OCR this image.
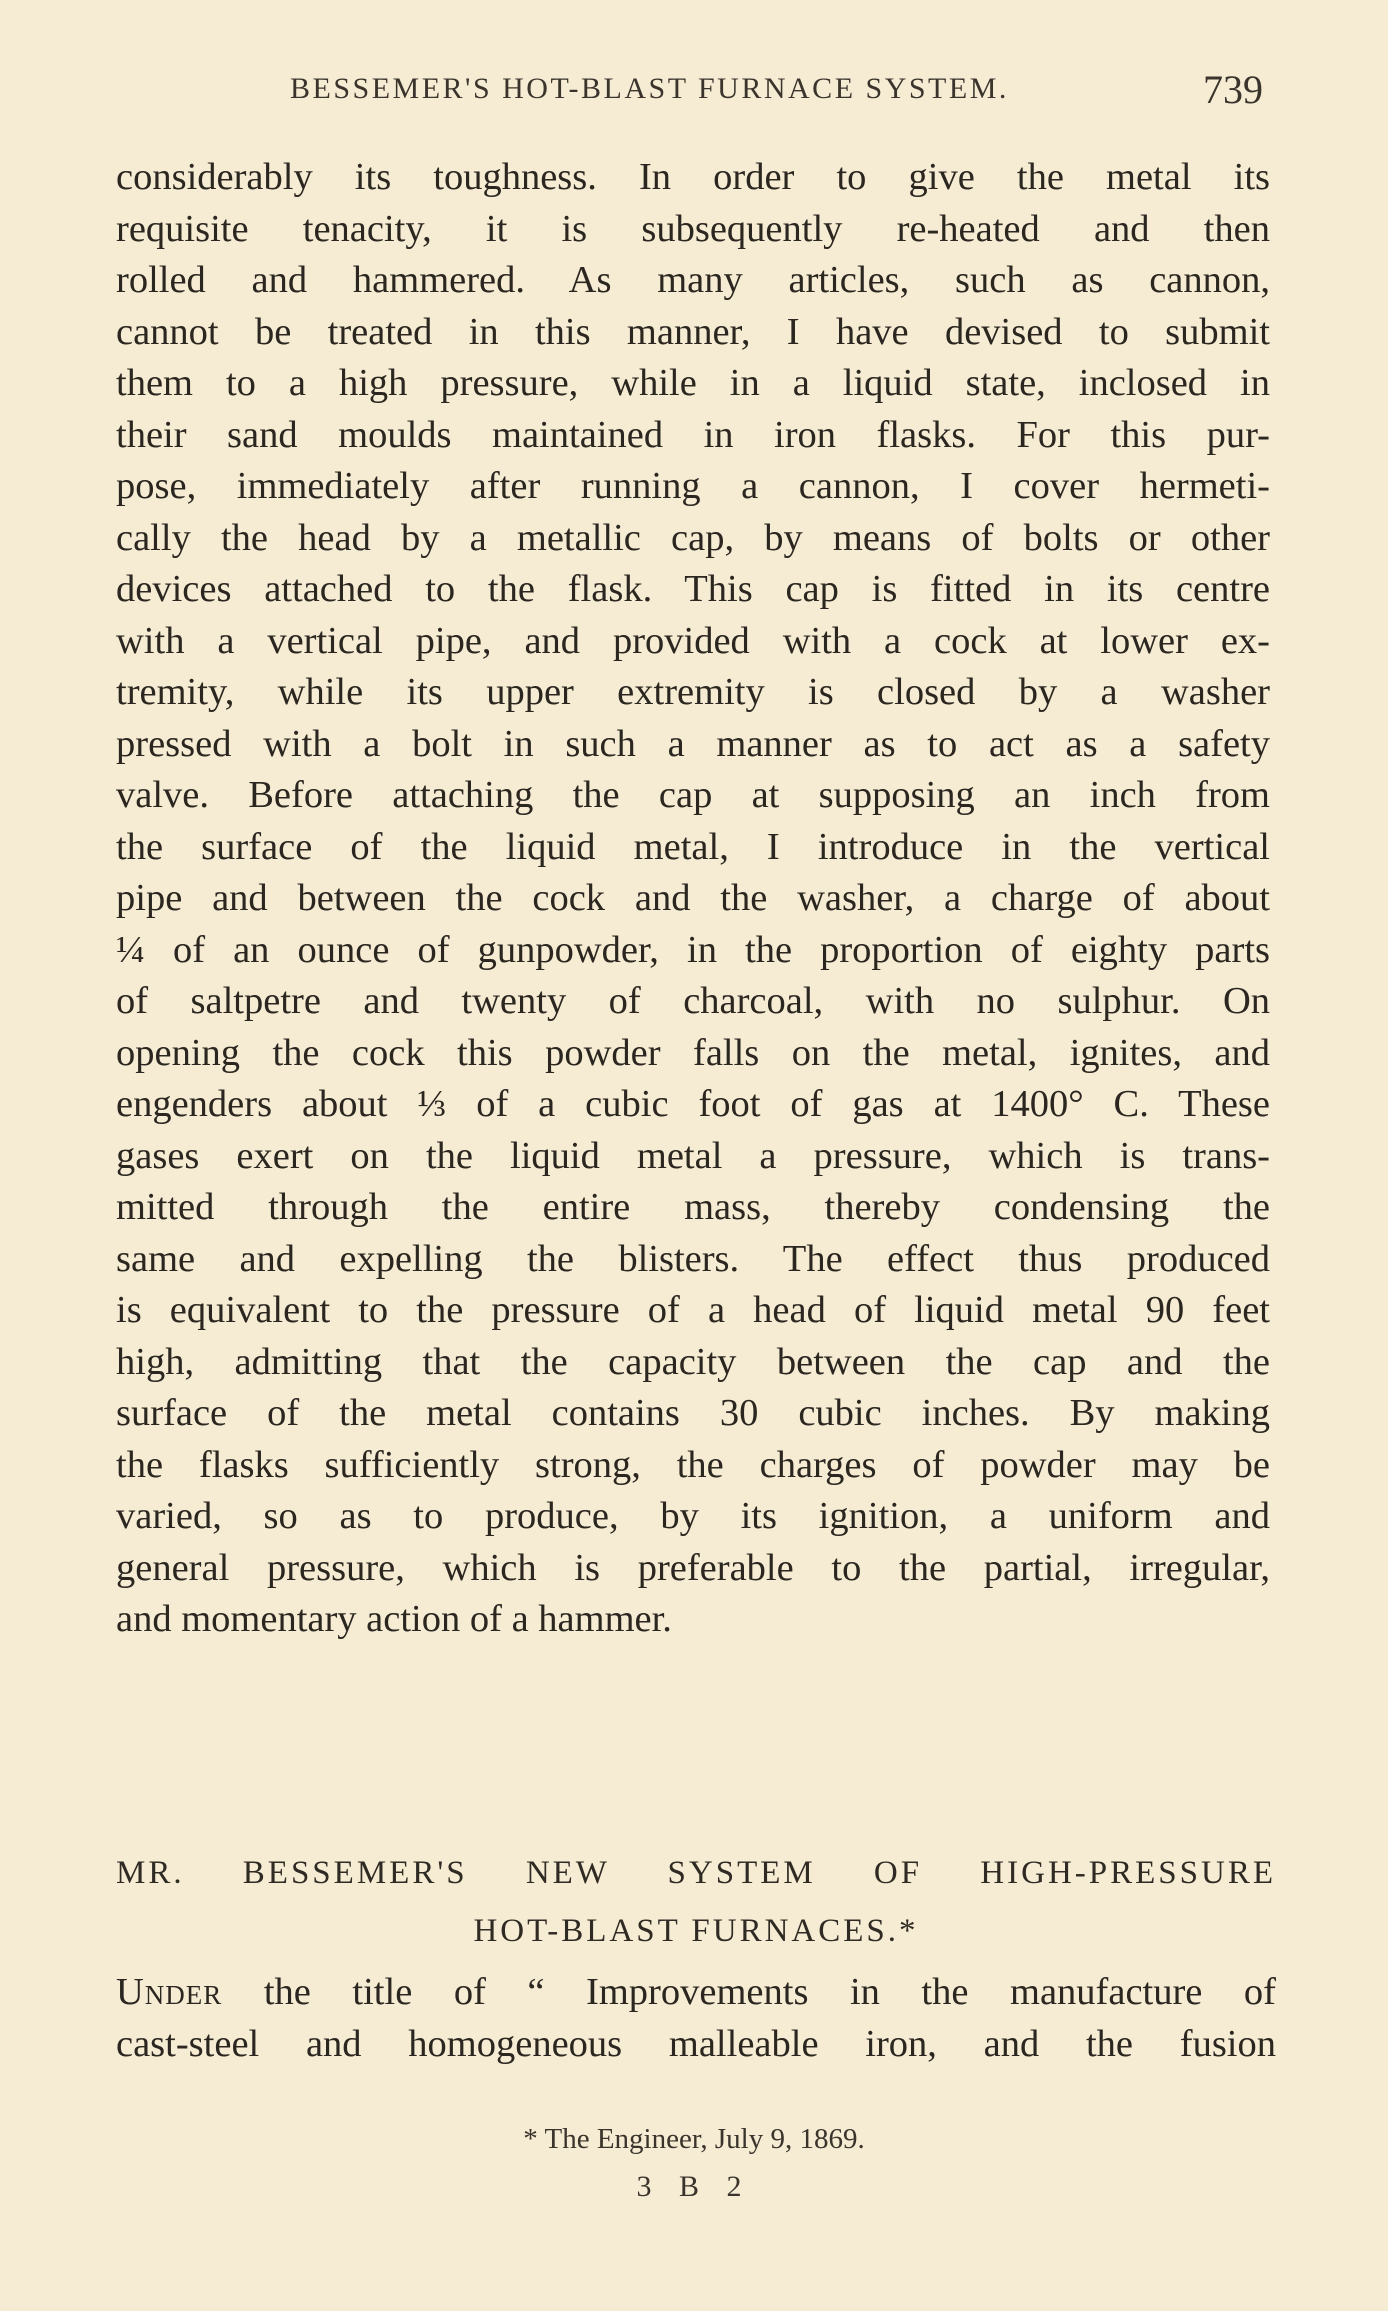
BESSEMER'S HOT-BLAST FURNACE SYSTEM.	739
considerably its toughness. In order to give the metal its
requisite tenacity, it is subsequently re-heated and then
rolled and hammered. As many articles, such as cannon,
cannot be treated in this manner, I have devised to submit
them to a high pressure, while in a liquid state, inclosed in
their sand moulds maintained in iron flasks. For this pur-
pose, immediately after running a cannon, I cover hermeti-
cally the head by a metallic cap, by means of bolts or other
devices attached to the flask. This cap is fitted in its centre
with a vertical pipe, and provided with a cock at lower ex-
tremity, while its upper extremity is closed by a washer
pressed with a bolt in such a manner as to act as a safety
valve. Before attaching the cap at supposing an inch from
the surface of the liquid metal, I introduce in the vertical
pipe and between the cock and the washer, a charge of about
¼ of an ounce of gunpowder, in the proportion of eighty parts
of saltpetre and twenty of charcoal, with no sulphur. On
opening the cock this powder falls on the metal, ignites, and
engenders about ⅓ of a cubic foot of gas at 1400° C. These
gases exert on the liquid metal a pressure, which is trans-
mitted through the entire mass, thereby condensing the
same and expelling the blisters. The effect thus produced
is equivalent to the pressure of a head of liquid metal 90 feet
high, admitting that the capacity between the cap and the
surface of the metal contains 30 cubic inches. By making
the flasks sufficiently strong, the charges of powder may be
varied, so as to produce, by its ignition, a uniform and
general pressure, which is preferable to the partial, irregular,
and momentary action of a hammer.
MR. BESSEMER'S NEW SYSTEM OF HIGH-PRESSURE
HOT-BLAST FURNACES.*
Under the title of “ Improvements in the manufacture of
cast-steel and homogeneous malleable iron, and the fusion
* The Engineer, July 9, 1869.
3 B 2
